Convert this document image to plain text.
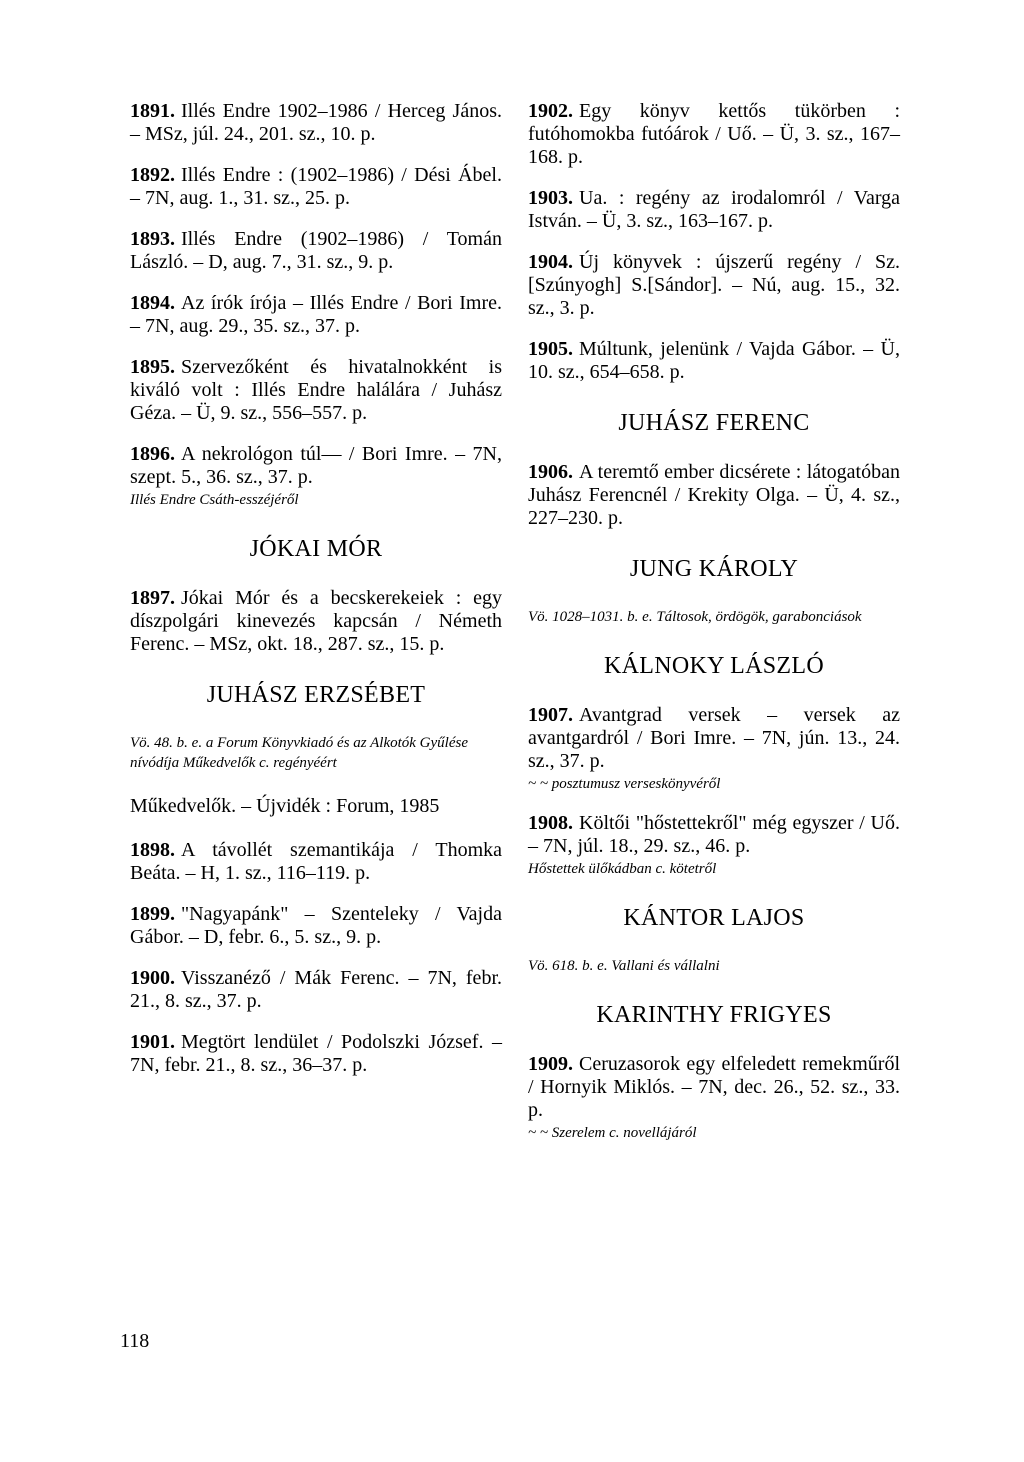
1891. Illés Endre 1902–1986 / Herceg János. – MSz, júl. 24., 201. sz., 10. p.

1892. Illés Endre : (1902–1986) / Dési Ábel. – 7N, aug. 1., 31. sz., 25. p.

1893. Illés Endre (1902–1986) / Tomán László. – D, aug. 7., 31. sz., 9. p.

1894. Az írók írója – Illés Endre / Bori Imre. – 7N, aug. 29., 35. sz., 37. p.

1895. Szervezőként és hivatalnokként is kiváló volt : Illés Endre halálára / Juhász Géza. – Ü, 9. sz., 556–557. p.

1896. A nekrológon túl— / Bori Imre. – 7N, szept. 5., 36. sz., 37. p.
Illés Endre Csáth-esszéjéről

JÓKAI MÓR

1897. Jókai Mór és a becskerekeiek : egy díszpolgári kinevezés kapcsán / Németh Ferenc. – MSz, okt. 18., 287. sz., 15. p.

JUHÁSZ ERZSÉBET

Vö. 48. b. e. a Forum Könyvkiadó és az Alkotók Gyűlése nívódíja Műkedvelők c. regényéért

Műkedvelők. – Újvidék : Forum, 1985

1898. A távollét szemantikája / Thomka Beáta. – H, 1. sz., 116–119. p.

1899. "Nagyapánk" – Szenteleky / Vajda Gábor. – D, febr. 6., 5. sz., 9. p.

1900. Visszanéző / Mák Ferenc. – 7N, febr. 21., 8. sz., 37. p.

1901. Megtört lendület / Podolszki József. – 7N, febr. 21., 8. sz., 36–37. p.

1902. Egy könyv kettős tükörben : futóhomokba futóárok / Uő. – Ü, 3. sz., 167–168. p.

1903. Ua. : regény az irodalomról / Varga István. – Ü, 3. sz., 163–167. p.

1904. Új könyvek : újszerű regény / Sz.[Szúnyogh] S.[Sándor]. – Nú, aug. 15., 32. sz., 3. p.

1905. Múltunk, jelenünk / Vajda Gábor. – Ü, 10. sz., 654–658. p.

JUHÁSZ FERENC

1906. A teremtő ember dicsérete : látogatóban Juhász Ferencnél / Krekity Olga. – Ü, 4. sz., 227–230. p.

JUNG KÁROLY

Vö. 1028–1031. b. e. Táltosok, ördögök, garabonciások

KÁLNOKY LÁSZLÓ

1907. Avantgrad versek – versek az avantgardról / Bori Imre. – 7N, jún. 13., 24. sz., 37. p.
~ ~ posztumusz verseskönyvéről

1908. Költői "hőstettekről" még egyszer / Uő. – 7N, júl. 18., 29. sz., 46. p.
Hőstettek ülőkádban c. kötetről

KÁNTOR LAJOS

Vö. 618. b. e. Vallani és vállalni

KARINTHY FRIGYES

1909. Ceruzasorok egy elfeledett remekműről / Hornyik Miklós. – 7N, dec. 26., 52. sz., 33. p.
~ ~ Szerelem c. novellájáról

118
